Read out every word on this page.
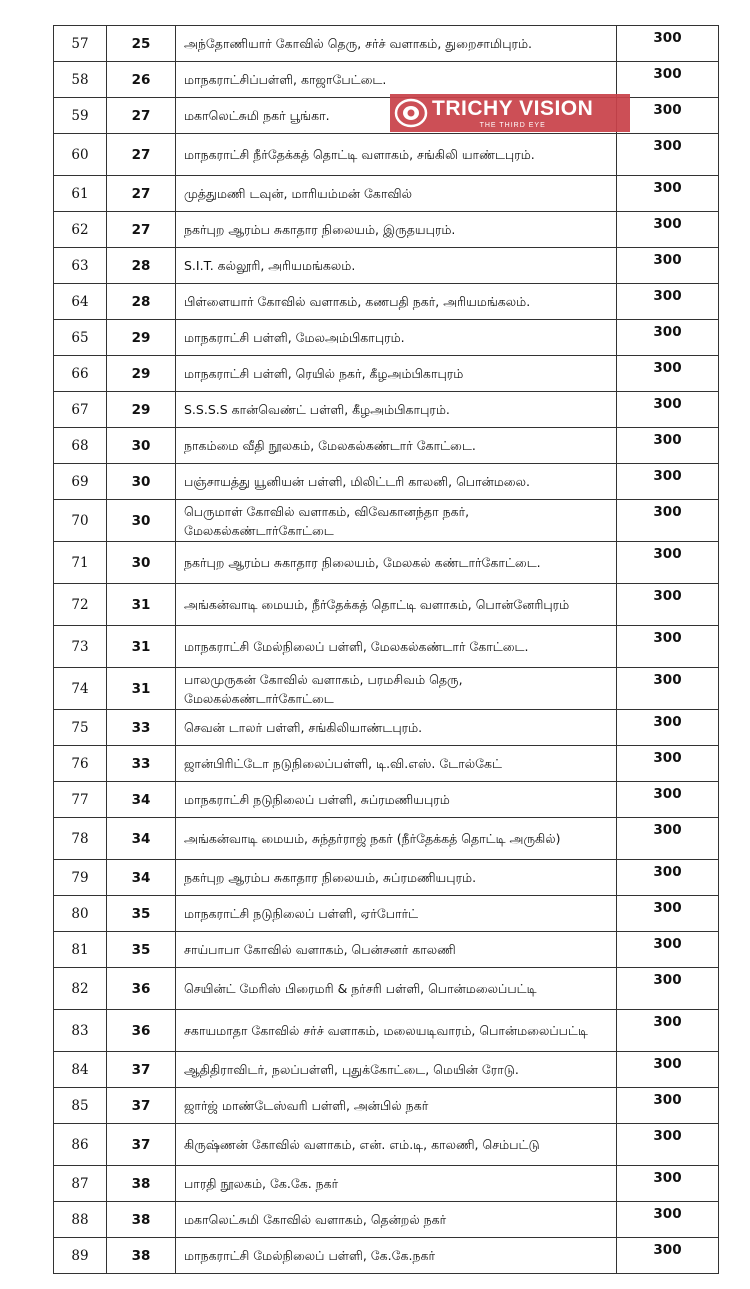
57	25	அந்தோணியார் கோவில் தெரு, சர்ச் வளாகம், துறைசாமிபுரம்.	300
58	26	மாநகராட்சிப்பள்ளி, காஜாபேட்டை.	300
59	27	மகாலெட்சுமி நகர் பூங்கா.	300
60	27	மாநகராட்சி நீர்தேக்கத் தொட்டி வளாகம், சங்கிலி யாண்டபுரம்.	300
61	27	முத்துமணி டவுன், மாரியம்மன் கோவில்	300
62	27	நகர்புற ஆரம்ப சுகாதார நிலையம், இருதயபுரம்.	300
63	28	S.I.T. கல்லூரி, அரியமங்கலம்.	300
64	28	பிள்ளையார் கோவில் வளாகம், கணபதி நகர், அரியமங்கலம்.	300
65	29	மாநகராட்சி பள்ளி, மேலஅம்பிகாபுரம்.	300
66	29	மாநகராட்சி பள்ளி, ரெயில் நகர், கீழஅம்பிகாபுரம்	300
67	29	S.S.S.S கான்வெண்ட் பள்ளி, கீழஅம்பிகாபுரம்.	300
68	30	நாகம்மை வீதி நூலகம், மேலகல்கண்டார் கோட்டை.	300
69	30	பஞ்சாயத்து யூனியன் பள்ளி, மிலிட்டரி காலனி, பொன்மலை.	300
70	30	பெருமாள் கோவில் வளாகம், விவேகானந்தா நகர், மேலகல்கண்டார்கோட்டை	300
71	30	நகர்புற ஆரம்ப சுகாதார நிலையம், மேலகல் கண்டார்கோட்டை.	300
72	31	அங்கன்வாடி மையம், நீர்தேக்கத் தொட்டி வளாகம், பொன்னேரிபுரம்	300
73	31	மாநகராட்சி மேல்நிலைப் பள்ளி, மேலகல்கண்டார் கோட்டை.	300
74	31	பாலமுருகன் கோவில் வளாகம், பரமசிவம் தெரு, மேலகல்கண்டார்கோட்டை	300
75	33	செவன் டாலர் பள்ளி, சங்கிலியாண்டபுரம்.	300
76	33	ஜான்பிரிட்டோ நடுநிலைப்பள்ளி, டி.வி.எஸ். டோல்கேட்	300
77	34	மாநகராட்சி நடுநிலைப் பள்ளி, சுப்ரமணியபுரம்	300
78	34	அங்கன்வாடி மையம், சுந்தர்ராஜ் நகர் (நீர்தேக்கத் தொட்டி அருகில்)	300
79	34	நகர்புற ஆரம்ப சுகாதார நிலையம், சுப்ரமணியபுரம்.	300
80	35	மாநகராட்சி நடுநிலைப் பள்ளி, ஏர்போர்ட்	300
81	35	சாய்பாபா கோவில் வளாகம், பென்சனர் காலணி	300
82	36	செயின்ட் மேரிஸ் பிரைமரி & நர்சரி பள்ளி, பொன்மலைப்பட்டி	300
83	36	சகாயமாதா கோவில் சர்ச் வளாகம், மலையடிவாரம், பொன்மலைப்பட்டி	300
84	37	ஆதிதிராவிடர், நலப்பள்ளி, புதுக்கோட்டை, மெயின் ரோடு.	300
85	37	ஜார்ஜ் மாண்டேஸ்வரி பள்ளி, அன்பில் நகர்	300
86	37	கிருஷ்ணன் கோவில் வளாகம், என். எம்.டி, காலணி, செம்பட்டு	300
87	38	பாரதி நூலகம், கே.கே. நகர்	300
88	38	மகாலெட்சுமி கோவில் வளாகம், தென்றல் நகர்	300
89	38	மாநகராட்சி மேல்நிலைப் பள்ளி, கே.கே.நகர்	300
TRICHY VISION
THE THIRD EYE
